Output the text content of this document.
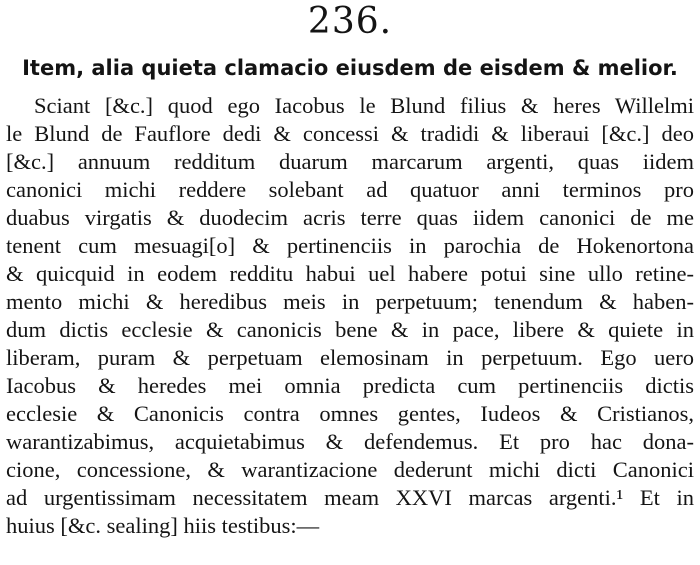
236.
Item, alia quieta clamacio eiusdem de eisdem & melior.
Sciant [&c.] quod ego Iacobus le Blund filius & heres Willelmi
le Blund de Fauflore dedi & concessi & tradidi & liberaui [&c.] deo
[&c.] annuum redditum duarum marcarum argenti, quas iidem
canonici michi reddere solebant ad quatuor anni terminos pro
duabus virgatis & duodecim acris terre quas iidem canonici de me
tenent cum mesuagi[o] & pertinenciis in parochia de Hokenortona
& quicquid in eodem redditu habui uel habere potui sine ullo retine-
mento michi & heredibus meis in perpetuum; tenendum & haben-
dum dictis ecclesie & canonicis bene & in pace, libere & quiete in
liberam, puram & perpetuam elemosinam in perpetuum. Ego uero
Iacobus & heredes mei omnia predicta cum pertinenciis dictis
ecclesie & Canonicis contra omnes gentes, Iudeos & Cristianos,
warantizabimus, acquietabimus & defendemus. Et pro hac dona-
cione, concessione, & warantizacione dederunt michi dicti Canonici
ad urgentissimam necessitatem meam XXVI marcas argenti.¹ Et in
huius [&c. sealing] hiis testibus:—
